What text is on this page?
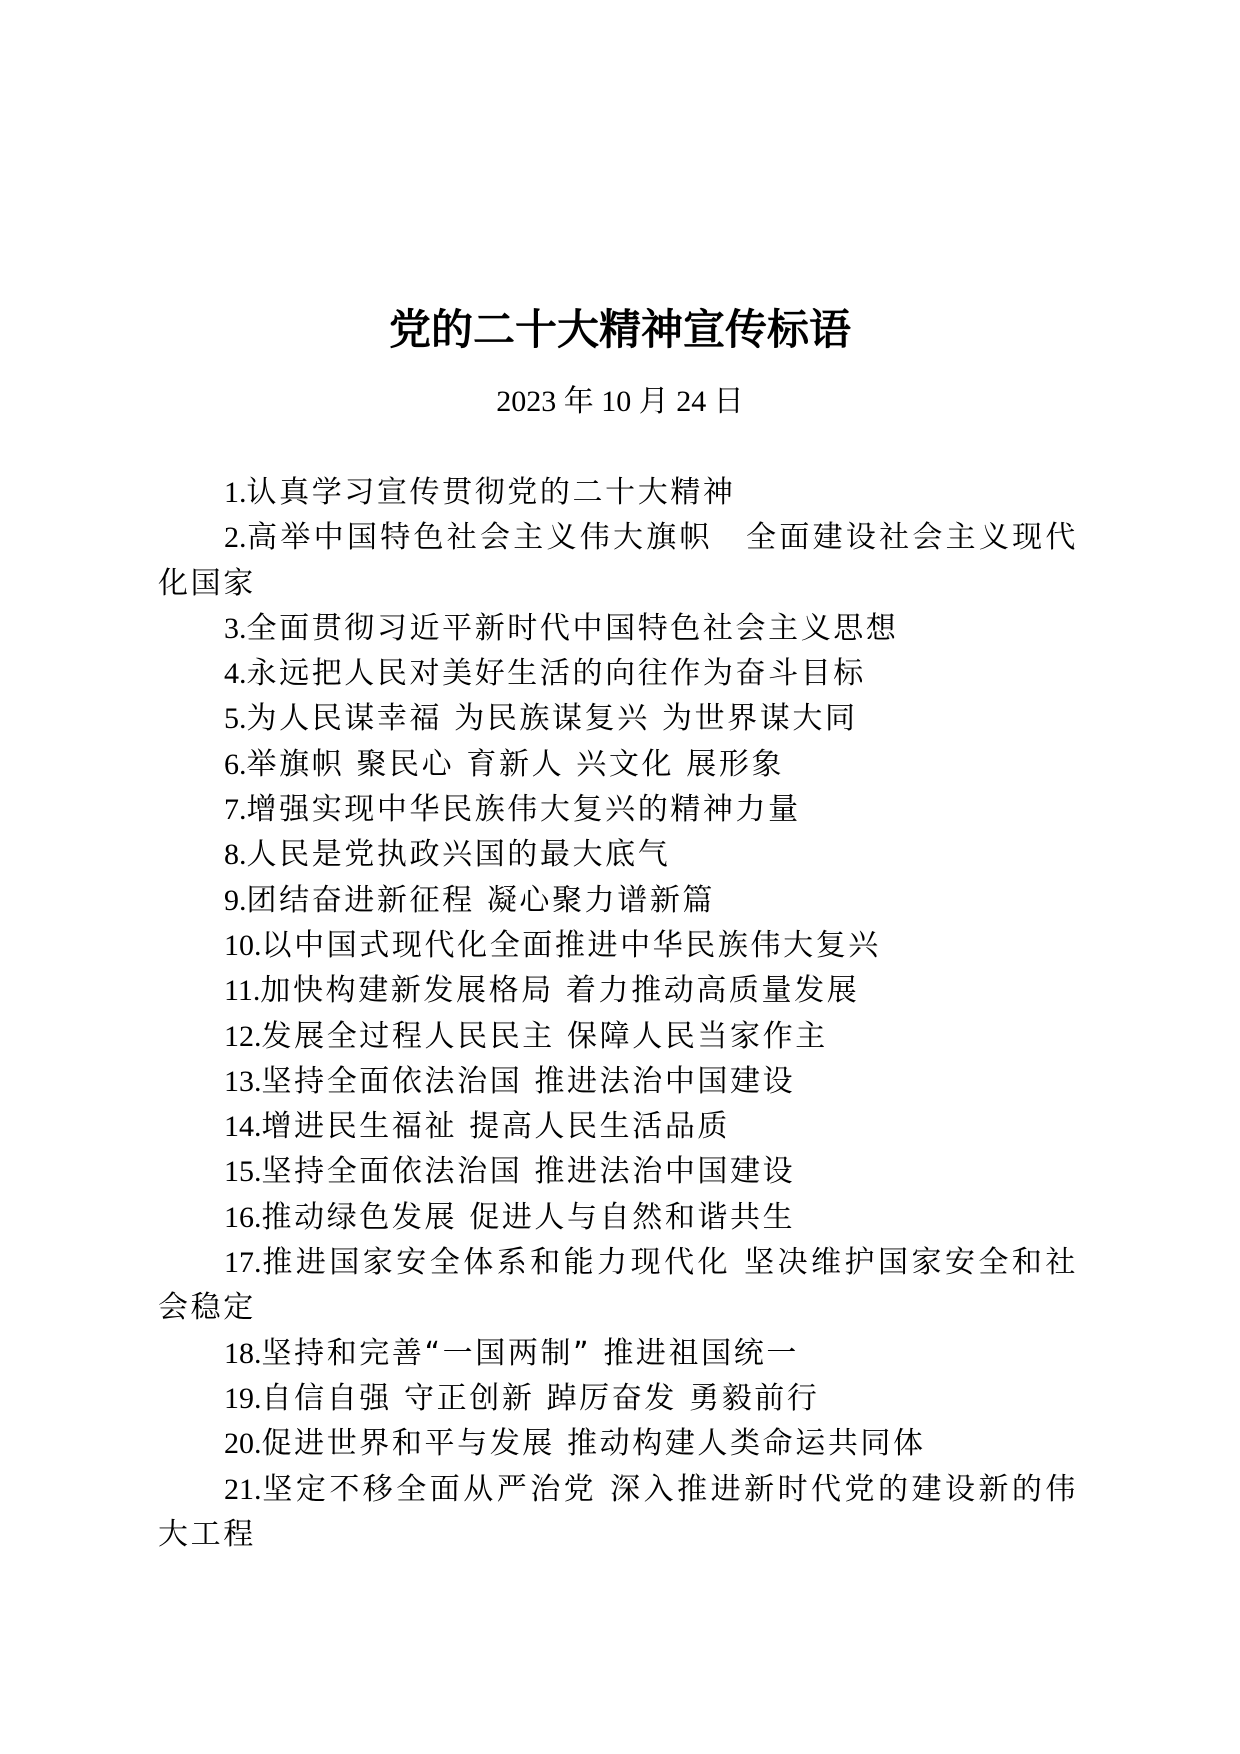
党的二十大精神宣传标语
2023 年 10 月 24 日
1.认真学习宣传贯彻党的二十大精神
2.高举中国特色社会主义伟大旗帜　全面建设社会主义现代化国家
3.全面贯彻习近平新时代中国特色社会主义思想
4.永远把人民对美好生活的向往作为奋斗目标
5.为人民谋幸福 为民族谋复兴 为世界谋大同
6.举旗帜 聚民心 育新人 兴文化 展形象
7.增强实现中华民族伟大复兴的精神力量
8.人民是党执政兴国的最大底气
9.团结奋进新征程 凝心聚力谱新篇
10.以中国式现代化全面推进中华民族伟大复兴
11.加快构建新发展格局 着力推动高质量发展
12.发展全过程人民民主 保障人民当家作主
13.坚持全面依法治国 推进法治中国建设
14.增进民生福祉 提高人民生活品质
15.坚持全面依法治国 推进法治中国建设
16.推动绿色发展 促进人与自然和谐共生
17.推进国家安全体系和能力现代化 坚决维护国家安全和社会稳定
18.坚持和完善“一国两制” 推进祖国统一
19.自信自强 守正创新 踔厉奋发 勇毅前行
20.促进世界和平与发展 推动构建人类命运共同体
21.坚定不移全面从严治党 深入推进新时代党的建设新的伟大工程
